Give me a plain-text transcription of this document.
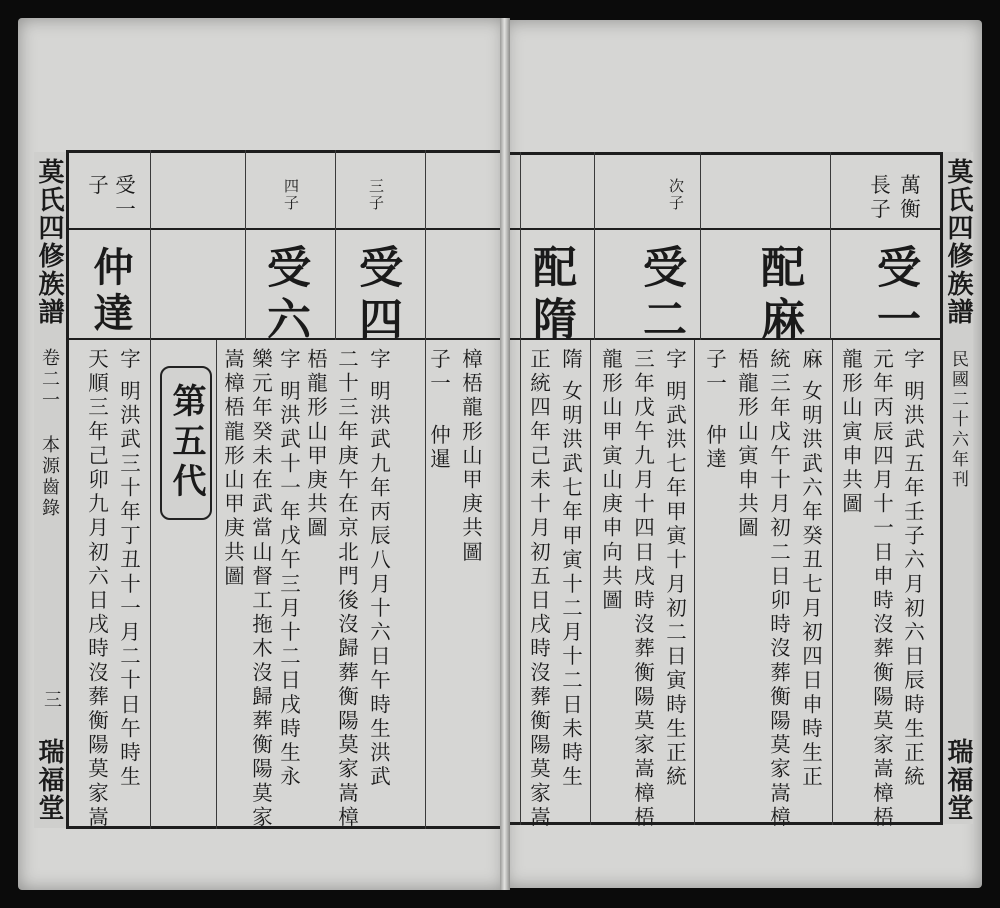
莫氏四修族譜
卷二一 本源齒錄
三
瑞福堂
受一
子	四子	三子
仲達	受六 受四
第五代	樟梧龍形山甲庚共圖
子一 仲暹
字
明洪武九年丙辰八月十六日午時生洪武
二十三年庚午在京北門後沒歸葬衡陽莫家嵩樟
梧龍形山甲庚共圖
字
明洪武十一年戊午三月十二日戌時生永
樂元年癸未在武當山督工拖木沒歸葬衡陽莫家
嵩樟梧龍形山甲庚共圖
字
明洪武三十年丁丑十一月二十日午時生
天順三年己卯九月初六日戌時沒葬衡陽莫家嵩
莫氏四修族譜
民國二十六年刊
瑞福堂
萬衡
長子
次子
受一
配麻
受二
配隋
字
明洪武五年壬子六月初六日辰時生正統
元年丙辰四月十一日申時沒葬衡陽莫家嵩樟梧
龍形山寅申共圖
麻
女明洪武六年癸丑七月初四日申時生正
統三年戊午十月初二日卯時沒葬衡陽莫家嵩樟
梧龍形山寅申共圖
子一 仲達
字
明武洪七年甲寅十月初二日寅時生正統
三年戊午九月十四日戌時沒葬衡陽莫家嵩樟梧
龍形山甲寅山庚申向共圖
隋
女明洪武七年甲寅十二月十二日未時生
正統四年己未十月初五日戌時沒葬衡陽莫家嵩
